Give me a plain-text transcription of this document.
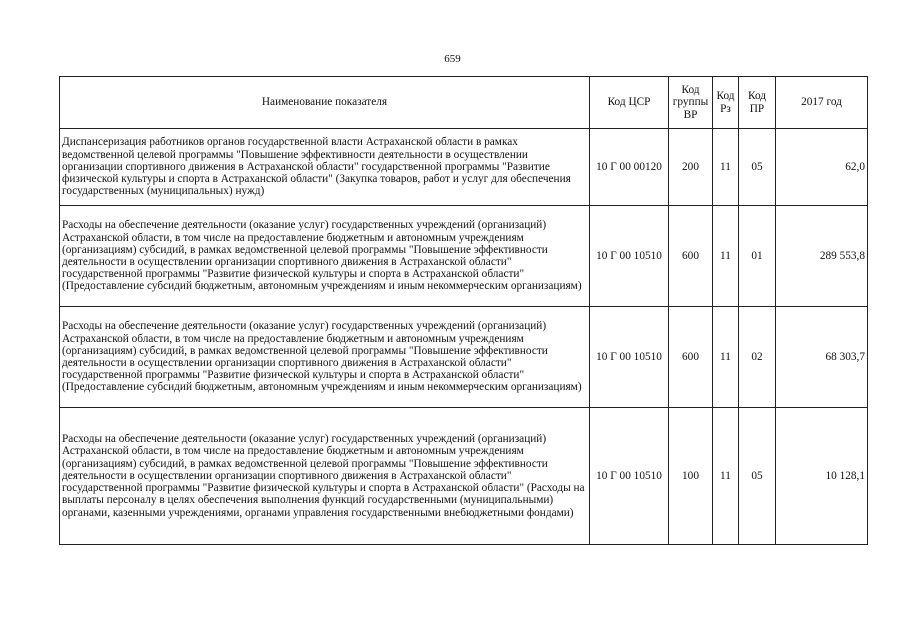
659
Наименование показателя	Код ЦСР	Код группы ВР	Код Рз	Код ПР	2017 год
Диспансеризация работников органов государственной власти Астраханской области в рамках ведомственной целевой программы "Повышение эффективности деятельности в осуществлении организации спортивного движения в Астраханской области" государственной программы "Развитие физической культуры и спорта в Астраханской области" (Закупка товаров, работ и услуг для обеспечения государственных (муниципальных) нужд)	10 Г 00 00120	200	11	05	62,0
Расходы на обеспечение деятельности (оказание услуг) государственных учреждений (организаций) Астраханской области, в том числе на предоставление бюджетным и автономным учреждениям (организациям) субсидий, в рамках ведомственной целевой программы "Повышение эффективности деятельности в осуществлении организации спортивного движения в Астраханской области" государственной программы "Развитие физической культуры и спорта в Астраханской области" (Предоставление субсидий бюджетным, автономным учреждениям и иным некоммерческим организациям)	10 Г 00 10510	600	11	01	289 553,8
Расходы на обеспечение деятельности (оказание услуг) государственных учреждений (организаций) Астраханской области, в том числе на предоставление бюджетным и автономным учреждениям (организациям) субсидий, в рамках ведомственной целевой программы "Повышение эффективности деятельности в осуществлении организации спортивного движения в Астраханской области" государственной программы "Развитие физической культуры и спорта в Астраханской области" (Предоставление субсидий бюджетным, автономным учреждениям и иным некоммерческим организациям)	10 Г 00 10510	600	11	02	68 303,7
Расходы на обеспечение деятельности (оказание услуг) государственных учреждений (организаций) Астраханской области, в том числе на предоставление бюджетным и автономным учреждениям (организациям) субсидий, в рамках ведомственной целевой программы "Повышение эффективности деятельности в осуществлении организации спортивного движения в Астраханской области" государственной программы "Развитие физической культуры и спорта в Астраханской области" (Расходы на выплаты персоналу в целях обеспечения выполнения функций государственными (муниципальными) органами, казенными учреждениями, органами управления государственными внебюджетными фондами)	10 Г 00 10510	100	11	05	10 128,1
